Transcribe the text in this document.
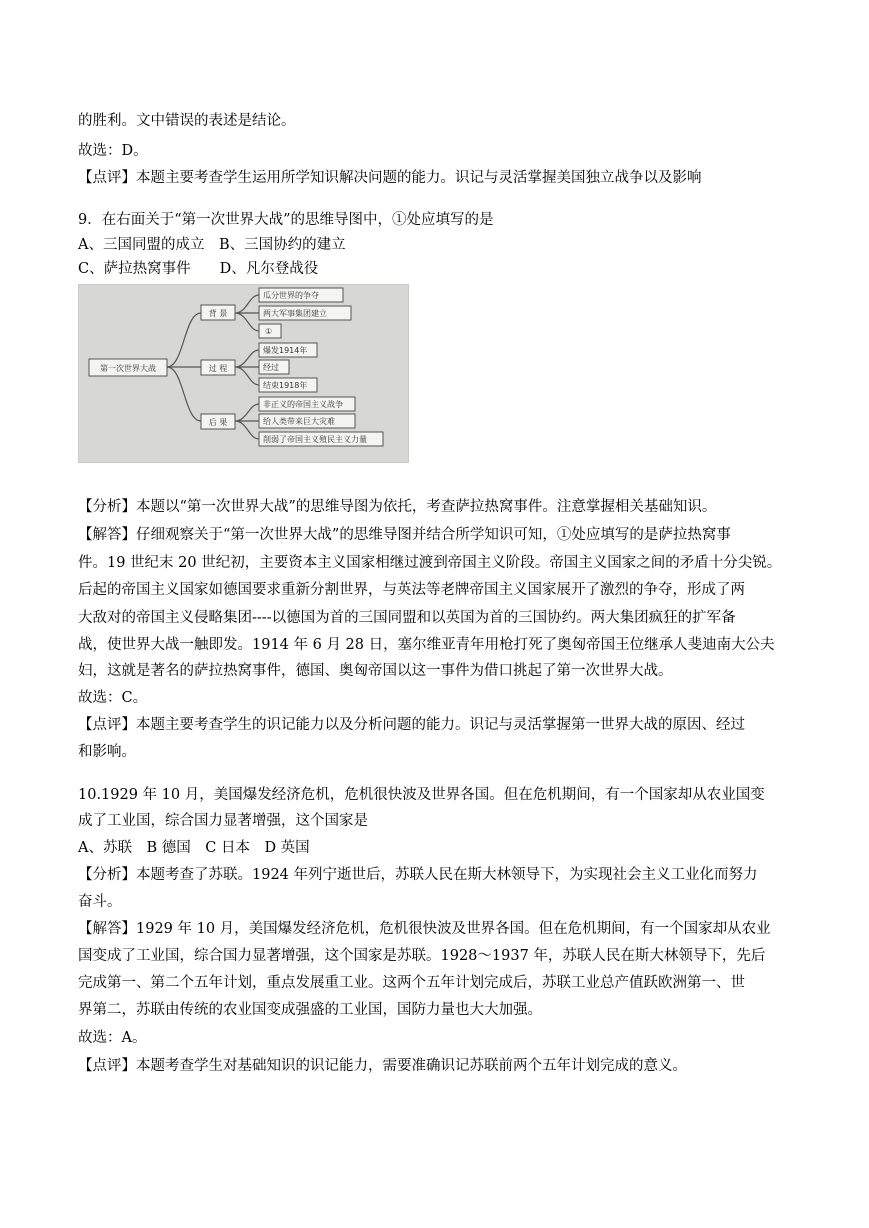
的胜利。文中错误的表述是结论。
故选：D。
【点评】本题主要考查学生运用所学知识解决问题的能力。识记与灵活掌握美国独立战争以及影响
9．在右面关于“第一次世界大战”的思维导图中，①处应填写的是
A、三国同盟的成立　B、三国协约的建立
C、萨拉热窝事件　　D、凡尔登战役
第一次世界大战
背 景
过 程
后 果
瓜分世界的争夺
两大军事集团建立
①
爆发1914年
经过
结束1918年
非正义的帝国主义战争
给人类带来巨大灾难
削弱了帝国主义殖民主义力量
【分析】本题以“第一次世界大战”的思维导图为依托，考查萨拉热窝事件。注意掌握相关基础知识。
【解答】仔细观察关于“第一次世界大战”的思维导图并结合所学知识可知，①处应填写的是萨拉热窝事
件。19 世纪末 20 世纪初，主要资本主义国家相继过渡到帝国主义阶段。帝国主义国家之间的矛盾十分尖锐。
后起的帝国主义国家如德国要求重新分割世界，与英法等老牌帝国主义国家展开了激烈的争夺，形成了两
大敌对的帝国主义侵略集团----以德国为首的三国同盟和以英国为首的三国协约。两大集团疯狂的扩军备
战，使世界大战一触即发。1914 年 6 月 28 日，塞尔维亚青年用枪打死了奥匈帝国王位继承人斐迪南大公夫
妇，这就是著名的萨拉热窝事件，德国、奥匈帝国以这一事件为借口挑起了第一次世界大战。
故选：C。
【点评】本题主要考查学生的识记能力以及分析问题的能力。识记与灵活掌握第一世界大战的原因、经过
和影响。
10.1929 年 10 月，美国爆发经济危机，危机很快波及世界各国。但在危机期间，有一个国家却从农业国变
成了工业国，综合国力显著增强，这个国家是
A、苏联　B 德国　C 日本　D 英国
【分析】本题考查了苏联。1924 年列宁逝世后，苏联人民在斯大林领导下，为实现社会主义工业化而努力
奋斗。
【解答】1929 年 10 月，美国爆发经济危机，危机很快波及世界各国。但在危机期间，有一个国家却从农业
国变成了工业国，综合国力显著增强，这个国家是苏联。1928～1937 年，苏联人民在斯大林领导下，先后
完成第一、第二个五年计划，重点发展重工业。这两个五年计划完成后，苏联工业总产值跃欧洲第一、世
界第二，苏联由传统的农业国变成强盛的工业国，国防力量也大大加强。
故选：A。
【点评】本题考查学生对基础知识的识记能力，需要准确识记苏联前两个五年计划完成的意义。
